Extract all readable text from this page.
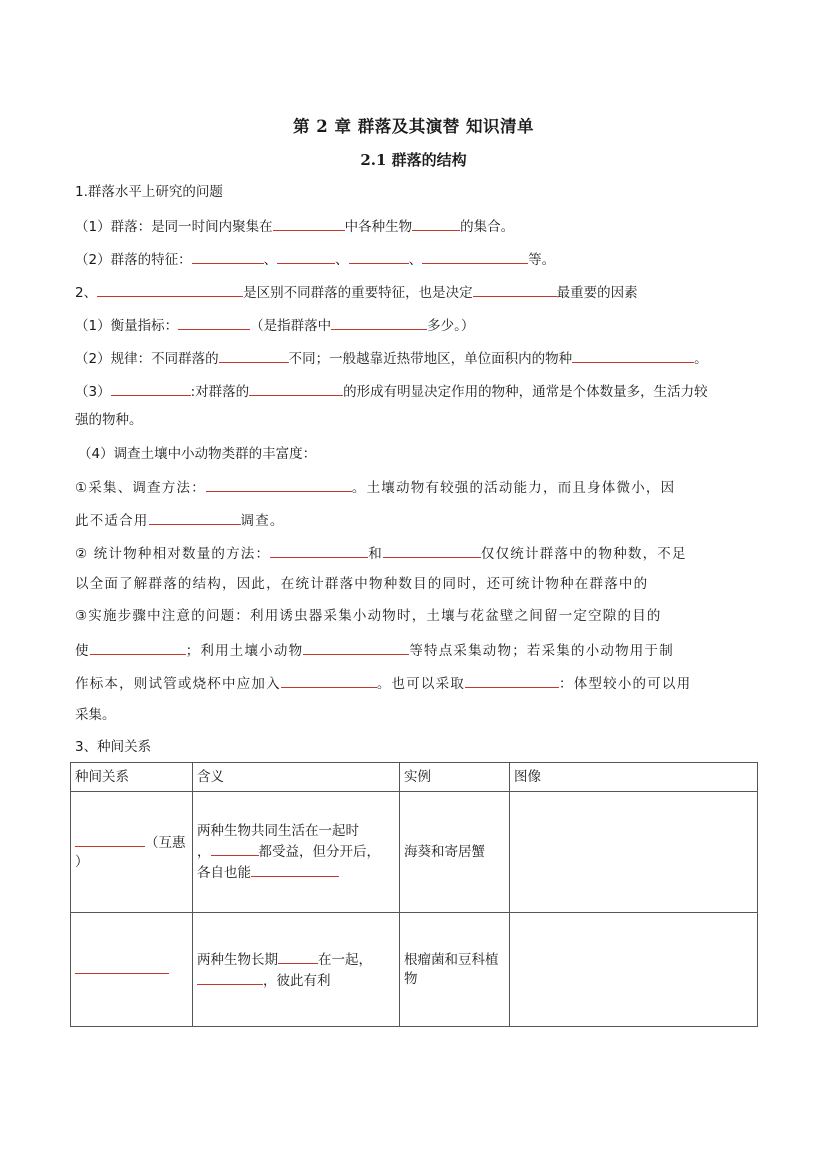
第 2 章 群落及其演替 知识清单
2.1 群落的结构
1.群落水平上研究的问题
（1）群落：是同一时间内聚集在	中各种生物	的集合。
（2）群落的特征：	、	、	、	等。
2、	是区别不同群落的重要特征，也是决定	最重要的因素
（1）衡量指标：	（是指群落中	多少。）
（2）规律：不同群落的	不同；一般越靠近热带地区，单位面积内的物种	。
（3）	:对群落的	的形成有明显决定作用的物种，通常是个体数量多，生活力较
强的物种。
（4）调查土壤中小动物类群的丰富度：
①采集、调查方法：	。土壤动物有较强的活动能力，而且身体微小，因
此不适合用	调查。
② 统计物种相对数量的方法：	和	仅仅统计群落中的物种数，不足
以全面了解群落的结构，因此，在统计群落中物种数目的同时，还可统计物种在群落中的
③实施步骤中注意的问题：利用诱虫器采集小动物时，土壤与花盆壁之间留一定空隙的目的
使	；利用土壤小动物	等特点采集动物；若采集的小动物用于制
作标本，则试管或烧杯中应加入	。也可以采取	：体型较小的可以用
采集。
3、种间关系
种间关系	含义	实例	图像
（互惠
）	两种生物共同生活在一起时
， 都受益，但分开后，
各自也能	海葵和寄居蟹	
	两种生物长期 在一起，
，彼此有利	根瘤菌和豆科植物	
